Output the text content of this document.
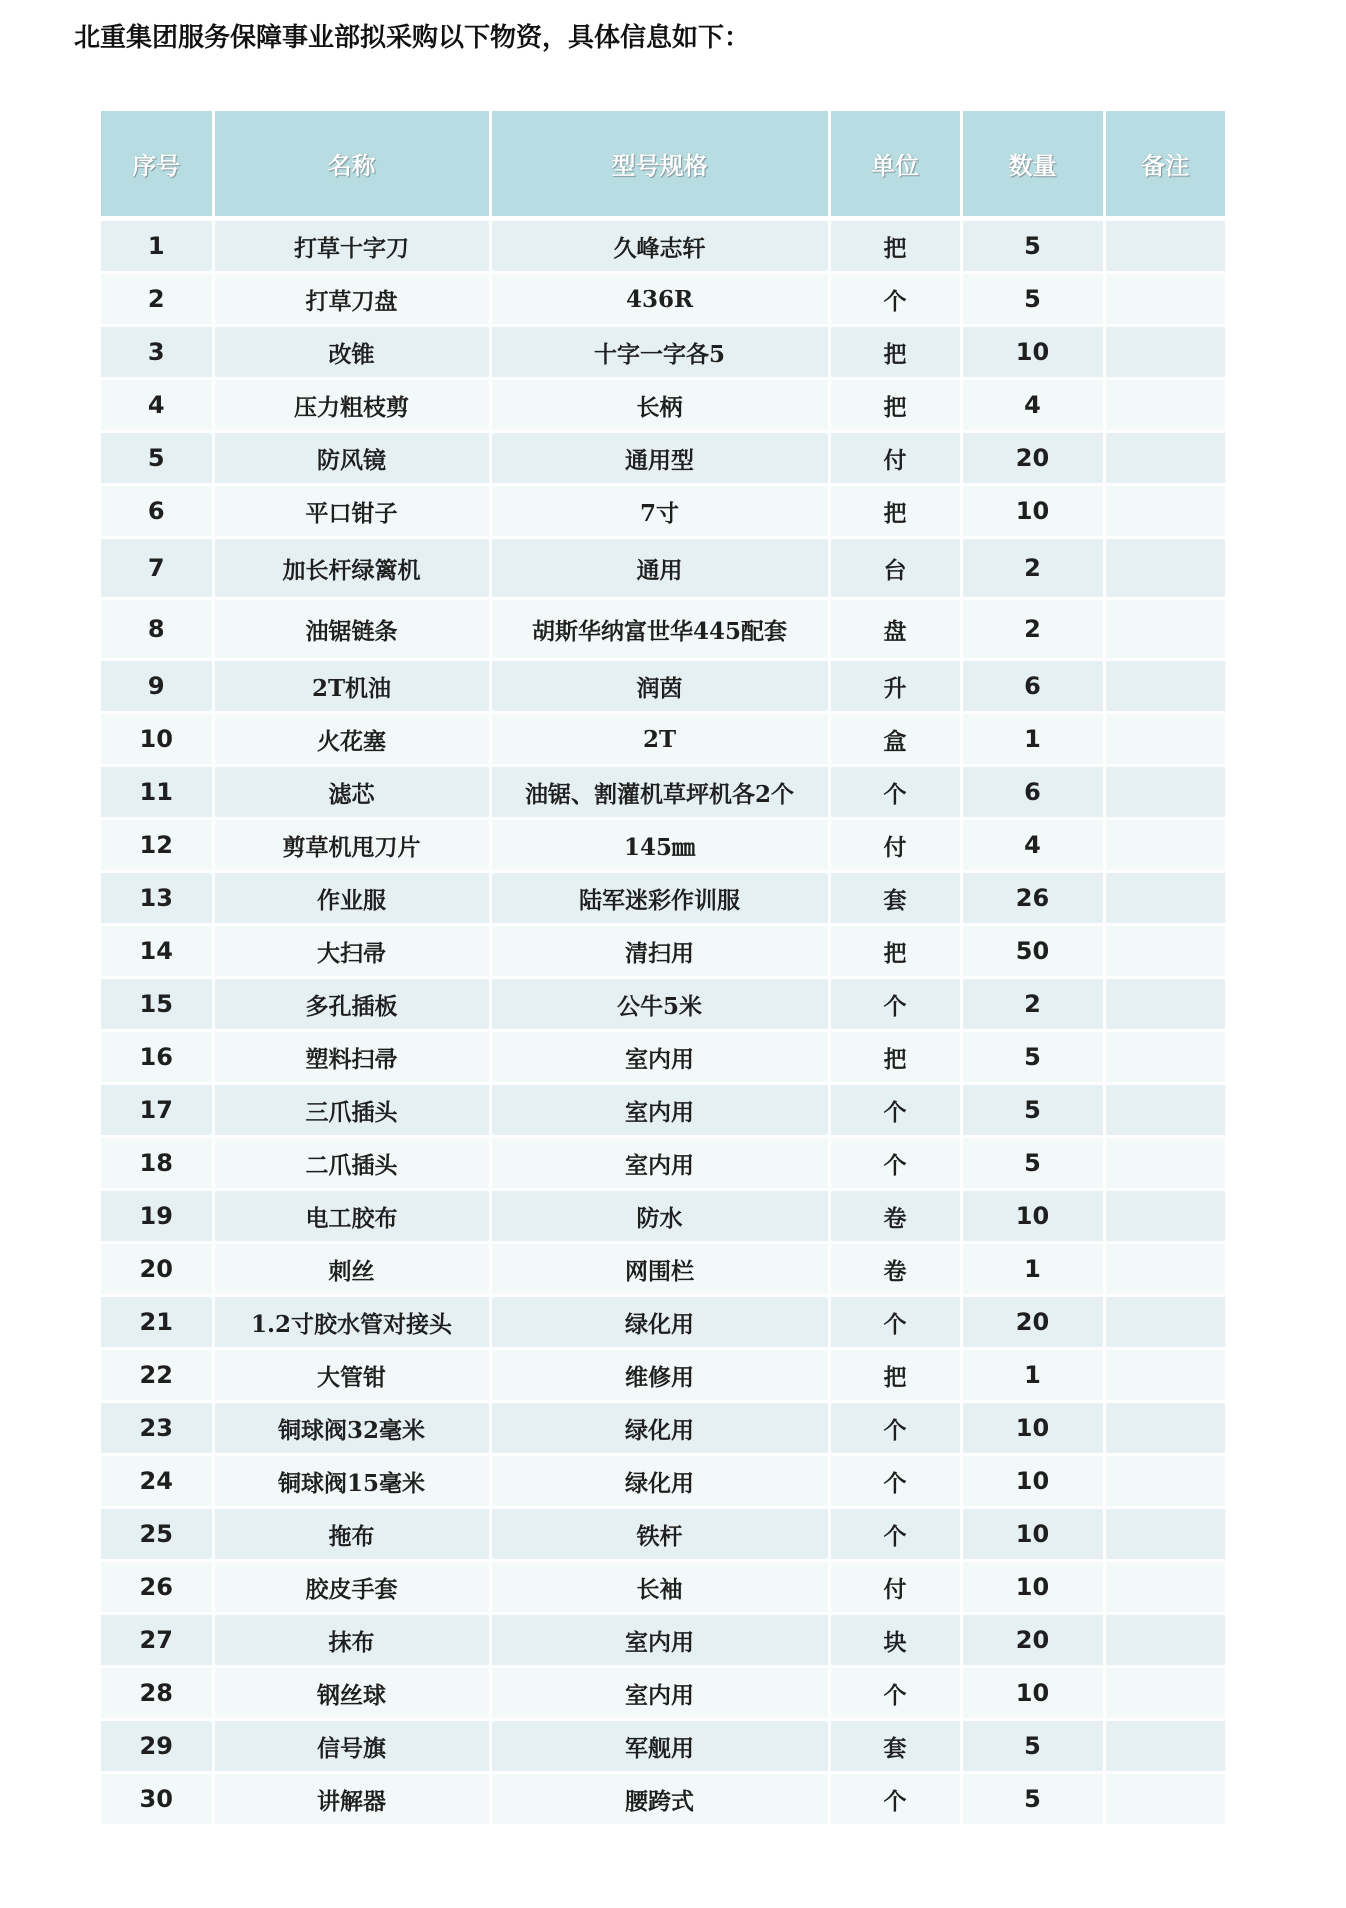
北重集团服务保障事业部拟采购以下物资，具体信息如下：
序号	名称	型号规格	单位	数量	备注
1	打草十字刀	久峰志轩	把	5	
2	打草刀盘	436R	个	5	
3	改锥	十字一字各5	把	10	
4	压力粗枝剪	长柄	把	4	
5	防风镜	通用型	付	20	
6	平口钳子	7寸	把	10	
7	加长杆绿篱机	通用	台	2	
8	油锯链条	胡斯华纳富世华445配套	盘	2	
9	2T机油	润茵	升	6	
10	火花塞	2T	盒	1	
11	滤芯	油锯、割灌机草坪机各2个	个	6	
12	剪草机甩刀片	145㎜	付	4	
13	作业服	陆军迷彩作训服	套	26	
14	大扫帚	清扫用	把	50	
15	多孔插板	公牛5米	个	2	
16	塑料扫帚	室内用	把	5	
17	三爪插头	室内用	个	5	
18	二爪插头	室内用	个	5	
19	电工胶布	防水	卷	10	
20	刺丝	网围栏	卷	1	
21	1.2寸胶水管对接头	绿化用	个	20	
22	大管钳	维修用	把	1	
23	铜球阀32毫米	绿化用	个	10	
24	铜球阀15毫米	绿化用	个	10	
25	拖布	铁杆	个	10	
26	胶皮手套	长袖	付	10	
27	抹布	室内用	块	20	
28	钢丝球	室内用	个	10	
29	信号旗	军舰用	套	5	
30	讲解器	腰跨式	个	5	
